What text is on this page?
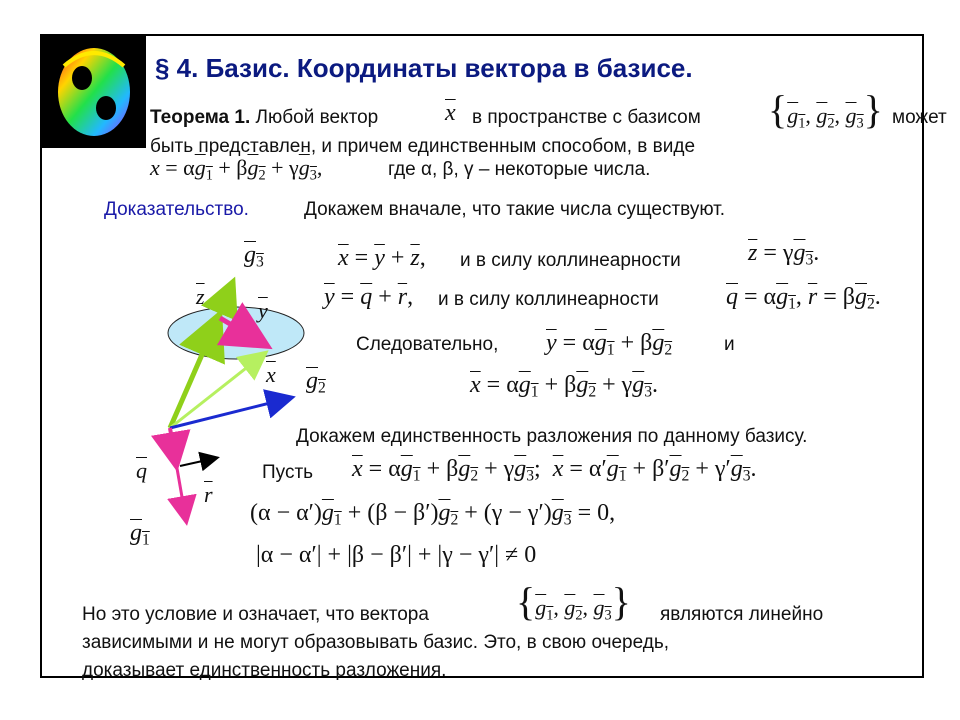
§ 4. Базис. Координаты вектора в базисе.
Теорема 1. Любой вектор	$\overline{x}$ в пространстве с базисом {$g_1$, $g_2$, $g_3$} может
быть представлен, и причем единственным способом, в виде
$x = \alpha g_1 + \beta g_2 + \gamma g_3$,	где α, β, γ – некоторые числа.
Доказательство.	Докажем вначале, что такие числа существуют.
$\overline{x} = \overline{y} + \overline{z}$, и в силу коллинеарности	$\overline{z} = \gamma g_3$.
$\overline{y} = \overline{q} + \overline{r}$, и в силу коллинеарности	$\overline{q} = \alpha g_1$, $\overline{r} = \beta g_2$.
Следовательно, $\overline{y} = \alpha g_1 + \beta g_2$	и
$\overline{x} = \alpha g_1 + \beta g_2 + \gamma g_3$.
Докажем единственность разложения по данному базису.
Пусть $\overline{x} = \alpha g_1 + \beta g_2 + \gamma g_3$;  $\overline{x} = \alpha'g_1 + \beta'g_2 + \gamma'g_3$.
$(\alpha - \alpha')g_1 + (\beta - \beta')g_2 + (\gamma - \gamma')g_3 = 0$,
|α − α′| + |β − β′| + |γ − γ′| ≠ 0
Но это условие и означает, что вектора {$g_1$, $g_2$, $g_3$} являются линейно
зависимыми и не могут образовывать базис. Это, в свою очередь,
доказывает единственность разложения.
$g_3$
$\overline{z}$
$\overline{y}$
$\overline{x}$ $g_2$
$\overline{q}$
$\overline{r}$
$g_1$
